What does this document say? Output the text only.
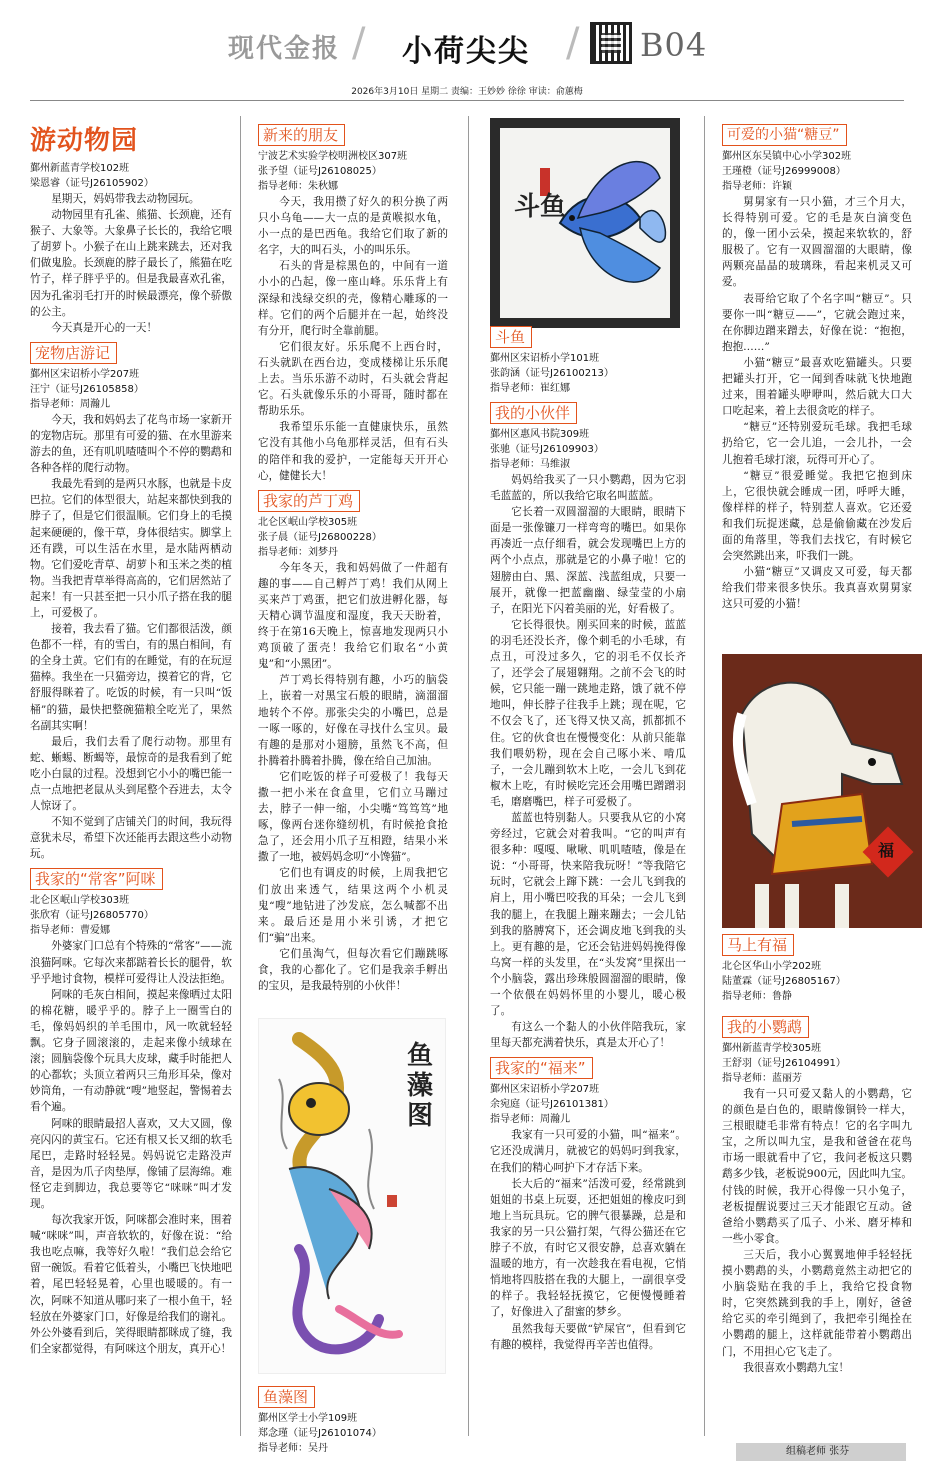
现代金报 / 小荷尖尖 / B04
2026年3月10日 星期二 责编：王妙妙 徐徐 审读：俞蕙梅
游动物园
鄞州新蓝青学校102班
梁恩睿（证号J26105902）

星期天，妈妈带我去动物园玩。

动物园里有孔雀、熊猫、长颈鹿，还有猴子、大象等。大象鼻子长长的，我给它喂了胡萝卜。小猴子在山上跳来跳去，还对我们做鬼脸。长颈鹿的脖子最长了，熊猫在吃竹子，样子胖乎乎的。但是我最喜欢孔雀，因为孔雀羽毛打开的时候最漂亮，像个骄傲的公主。

今天真是开心的一天！

宠物店游记
鄞州区宋诏桥小学207班
汪宁（证号J26105858）
指导老师：周瀚儿

今天，我和妈妈去了花鸟市场一家新开的宠物店玩。那里有可爱的猫、在水里游来游去的鱼，还有叽叽喳喳叫个不停的鹦鹉和各种各样的爬行动物。

我最先看到的是两只水豚，也就是卡皮巴拉。它们的体型很大，站起来都快到我的脖子了，但是它们很温顺。它们身上的毛摸起来硬硬的，像干草，身体很结实。脚掌上还有蹼，可以生活在水里，是水陆两栖动物。它们爱吃青草、胡萝卜和玉米之类的植物。当我把青草举得高高的，它们居然站了起来！有一只甚至把一只小爪子搭在我的腿上，可爱极了。

接着，我去看了猫。它们都很活泼，颜色都不一样，有的雪白，有的黑白相间，有的全身土黄。它们有的在睡觉，有的在玩逗猫棒。我坐在一只猫旁边，摸着它的背，它舒服得眯着了。吃饭的时候，有一只叫“饭桶”的猫，最快把整碗猫粮全吃光了，果然名副其实啊！

最后，我们去看了爬行动物。那里有蛇、蜥蜴、断蝎等，最惊奇的是我看到了蛇吃小白鼠的过程。没想到它小小的嘴巴能一点一点地把老鼠从头到尾整个吞进去，太令人惊讶了。

不知不觉到了店铺关门的时间，我玩得意犹未尽，希望下次还能再去跟这些小动物玩。

我家的“常客”阿咪
北仑区岷山学校303班
张欣宥（证号J26805770）
指导老师：曹爱娜

外婆家门口总有个特殊的“常客”——流浪猫阿咪。它每次来都踮着长长的腿骨，软乎乎地讨食物，模样可爱得让人没法拒绝。

阿咪的毛灰白相间，摸起来像晒过太阳的棉花糖，暖乎乎的。脖子上一圈雪白的毛，像妈妈织的羊毛围巾，风一吹就轻轻飘。它身子圆滚滚的，走起来像小绒球在滚；圆脑袋像个玩具大皮球，藏手时能把人的心都软；头顶立着两只三角形耳朵，像对妙筒角，一有动静就“嗖”地竖起，警惕着去看个遍。

阿咪的眼睛最招人喜欢，又大又圆，像亮闪闪的黄宝石。它还有根又长又细的软毛尾巴，走路时轻轻晃。妈妈说它走路没声音，是因为爪子肉垫厚，像铺了层海绵。难怪它走到脚边，我总要等它“咪咪”叫才发现。

每次我家开饭，阿咪都会准时来，围着喊“咪咪”叫，声音软软的，好像在说：“给我也吃点嘛，我等好久啦！”我们总会给它留一碗饭。看着它低着头，小嘴巴飞快地吧着，尾巴轻轻晃着，心里也暖暖的。有一次，阿咪不知道从哪叼来了一根小鱼干，轻轻放在外婆家门口，好像是给我们的谢礼。外公外婆看到后，笑得眼睛都眯成了缝，我们全家都觉得，有阿咪这个朋友，真开心！

新来的朋友
宁波艺术实验学校明洲校区307班
张予望（证号J26108025）
指导老师：朱秋娜

今天，我用攒了好久的积分换了两只小乌龟——大一点的是黄喉拟水龟，小一点的是巴西龟。我给它们取了新的名字，大的叫石头，小的叫乐乐。

石头的背是棕黑色的，中间有一道小小的凸起，像一座山峰。乐乐背上有深绿和浅绿交织的壳，像精心雕琢的一样。它们的两个后腿并在一起，始终没有分开，爬行时全靠前腿。

它们很友好。乐乐爬不上西台时，石头就趴在西台边，变成楼梯让乐乐爬上去。当乐乐游不动时，石头就会背起它。石头就像乐乐的小哥哥，随时都在帮助乐乐。

我希望乐乐能一直健康快乐，虽然它没有其他小乌龟那样灵活，但有石头的陪伴和我的爱护，一定能每天开开心心，健健长大！

我家的芦丁鸡
北仑区岷山学校305班
张子晨（证号J26800228）
指导老师：刘梦丹

今年冬天，我和妈妈做了一件超有趣的事——自己孵芦丁鸡！我们从网上买来芦丁鸡蛋，把它们放进孵化器，每天精心调节温度和湿度，我天天盼着，终于在第16天晚上，惊喜地发现两只小鸡顶破了蛋壳！我给它们取名“小黄鬼”和“小黑团”。

芦丁鸡长得特别有趣，小巧的脑袋上，嵌着一对黑宝石般的眼睛，滴溜溜地转个不停。那张尖尖的小嘴巴，总是一啄一啄的，好像在寻找什么宝贝。最有趣的是那对小翅膀，虽然飞不高，但扑腾着扑腾着扑腾，像在给自己加油。

它们吃饭的样子可爱极了！我每天撒一把小米在食盒里，它们立马蹦过去，脖子一伸一缩，小尖嘴“笃笃笃”地啄，像两台迷你缝纫机，有时候抢食抢急了，还会用小爪子互相蹬，结果小米撒了一地，被妈妈念叨“小馋猫”。

它们也有调皮的时候，上周我把它们放出来透气，结果这两个小机灵鬼“嗖”地钻进了沙发底，怎么喊都不出来。最后还是用小米引诱，才把它们“骗”出来。

它们虽淘气，但每次看它们蹦跳啄食，我的心都化了。它们是我亲手孵出的宝贝，是我最特别的小伙伴！

鱼藻图
鱼藻图
鄞州区学士小学109班
郑念瑾（证号J26101074）
指导老师：吴丹
斗鱼
斗鱼
鄞州区宋诏桥小学101班
张韵涵（证号J26100213）
指导老师：崔红娜
我的小伙伴
鄞州区惠风书院309班
张驰（证号J26109903）
指导老师：马维淑

妈妈给我买了一只小鹦鹉，因为它羽毛蓝蓝的，所以我给它取名叫蓝蓝。

它长着一双圆溜溜的大眼睛，眼睛下面是一张像镰刀一样弯弯的嘴巴。如果你再凑近一点仔细看，就会发现嘴巴上方的两个小点点，那就是它的小鼻子啦！它的翅膀由白、黑、深蓝、浅蓝组成，只要一展开，就像一把蓝幽幽、绿莹莹的小扇子，在阳光下闪着美丽的光，好看极了。

它长得很快。刚买回来的时候，蓝蓝的羽毛还没长齐，像个刺毛的小毛球，有点丑，可没过多久，它的羽毛不仅长齐了，还学会了展翅翱翔。之前不会飞的时候，它只能一蹦一跳地走路，饿了就不停地叫，伸长脖子往我手上跳；现在呢，它不仅会飞了，还飞得又快又高，抓都抓不住。它的伙食也在慢慢变化：从前只能靠我们喂奶粉，现在会自己啄小米、啃瓜子，一会儿蹦到软木上吃，一会儿飞到花椒木上吃，有时候吃完还会用嘴巴蹭蹭羽毛，磨磨嘴巴，样子可爱极了。

蓝蓝也特别黏人。只要我从它的小窝旁经过，它就会对着我叫。“它的叫声有很多种：嘎嘎、啾啾、叽叽喳喳，像是在说：“小哥哥，快来陪我玩呀！”等我陪它玩时，它就会上蹿下跳：一会儿飞到我的肩上，用小嘴巴咬我的耳朵；一会儿飞到我的腿上，在我腿上蹦来蹦去；一会儿钻到我的胳膊窝下，还会调皮地飞到我的头上。更有趣的是，它还会钻进妈妈挽得像乌窝一样的头发里，在“头发窝”里探出一个小脑袋，露出珍珠般圆溜溜的眼睛，像一个依偎在妈妈怀里的小婴儿，暖心极了。

有这么一个黏人的小伙伴陪我玩，家里每天都充满着快乐，真是太开心了！

我家的“福来”
鄞州区宋诏桥小学207班
余宛庭（证号J26101381）
指导老师：周瀚儿

我家有一只可爱的小猫，叫“福来”。它还没成满月，就被它的妈妈叼到我家，在我们的精心呵护下才存活下来。

长大后的“福来”活泼可爱，经常跳到姐姐的书桌上玩耍，还把姐姐的橡皮叼到地上当玩具玩。它的脾气很暴躁，总是和我家的另一只公猫打架，气得公猫还在它脖子不放，有时它又很安静，总喜欢躺在温暖的地方，有一次趁我在看电视，它悄悄地将四肢搭在我的大腿上，一副很享受的样子。我轻轻抚摸它，它便慢慢睡着了，好像进入了甜蜜的梦乡。

虽然我每天要做“铲屎官”，但看到它有趣的模样，我觉得再辛苦也值得。

可爱的小猫“糖豆”
鄞州区东吴镇中心小学302班
王瑾橙（证号J26999008）
指导老师：许颖

舅舅家有一只小猫，才三个月大，长得特别可爱。它的毛是灰白滴变色的，像一团小云朵，摸起来软软的，舒服极了。它有一双圆溜溜的大眼睛，像两颗亮晶晶的玻璃珠，看起来机灵又可爱。

表哥给它取了个名字叫“糖豆”。只要你一叫“糖豆——”，它就会跑过来，在你脚边蹭来蹭去，好像在说：“抱抱，抱抱……”

小猫“糖豆”最喜欢吃猫罐头。只要把罐头打开，它一闻到香味就飞快地跑过来，围着罐头咿咿叫，然后就大口大口吃起来，着上去很贪吃的样子。

“糖豆”还特别爱玩毛球。我把毛球扔给它，它一会儿追，一会儿扑，一会儿抱着毛球打滚，玩得可开心了。

“糖豆”很爱睡觉。我把它抱到床上，它很快就会睡成一团，呼呼大睡，像样样的样子，特别惹人喜欢。它还爱和我们玩捉迷藏，总是偷偷藏在沙发后面的角落里，等我们去找它，有时候它会突然跳出来，吓我们一跳。

小猫“糖豆”又调皮又可爱，每天都给我们带来很多快乐。我真喜欢舅舅家这只可爱的小猫！

福
马上有福
北仑区华山小学202班
陆董霖（证号J26805167）
指导老师：鲁静
我的小鹦鹉
鄞州新蓝青学校305班
王舒羽（证号J26104991）
指导老师：蓝丽芳

我有一只可爱又黏人的小鹦鹉，它的颜色是白色的，眼睛像铜铃一样大，三根眼睫毛非常有特点！它的名字叫九宝，之所以叫九宝，是我和爸爸在花鸟市场一眼就看中了它，我问老板这只鹦鹉多少钱，老板说900元，因此叫九宝。付钱的时候，我开心得像一只小兔子，老板提醒说要过三天才能跟它互动。爸爸给小鹦鹉买了瓜子、小米、磨牙棒和一些小零食。

三天后，我小心翼翼地伸手轻轻抚摸小鹦鹉的头，小鹦鹉竟然主动把它的小脑袋贴在我的手上，我给它投食物时，它突然跳到我的手上，刚好，爸爸给它买的牵引绳到了，我把牵引绳拴在小鹦鹉的腿上，这样就能带着小鹦鹉出门，不用担心它飞走了。

我很喜欢小鹦鹉九宝！

组稿老师 张芬
